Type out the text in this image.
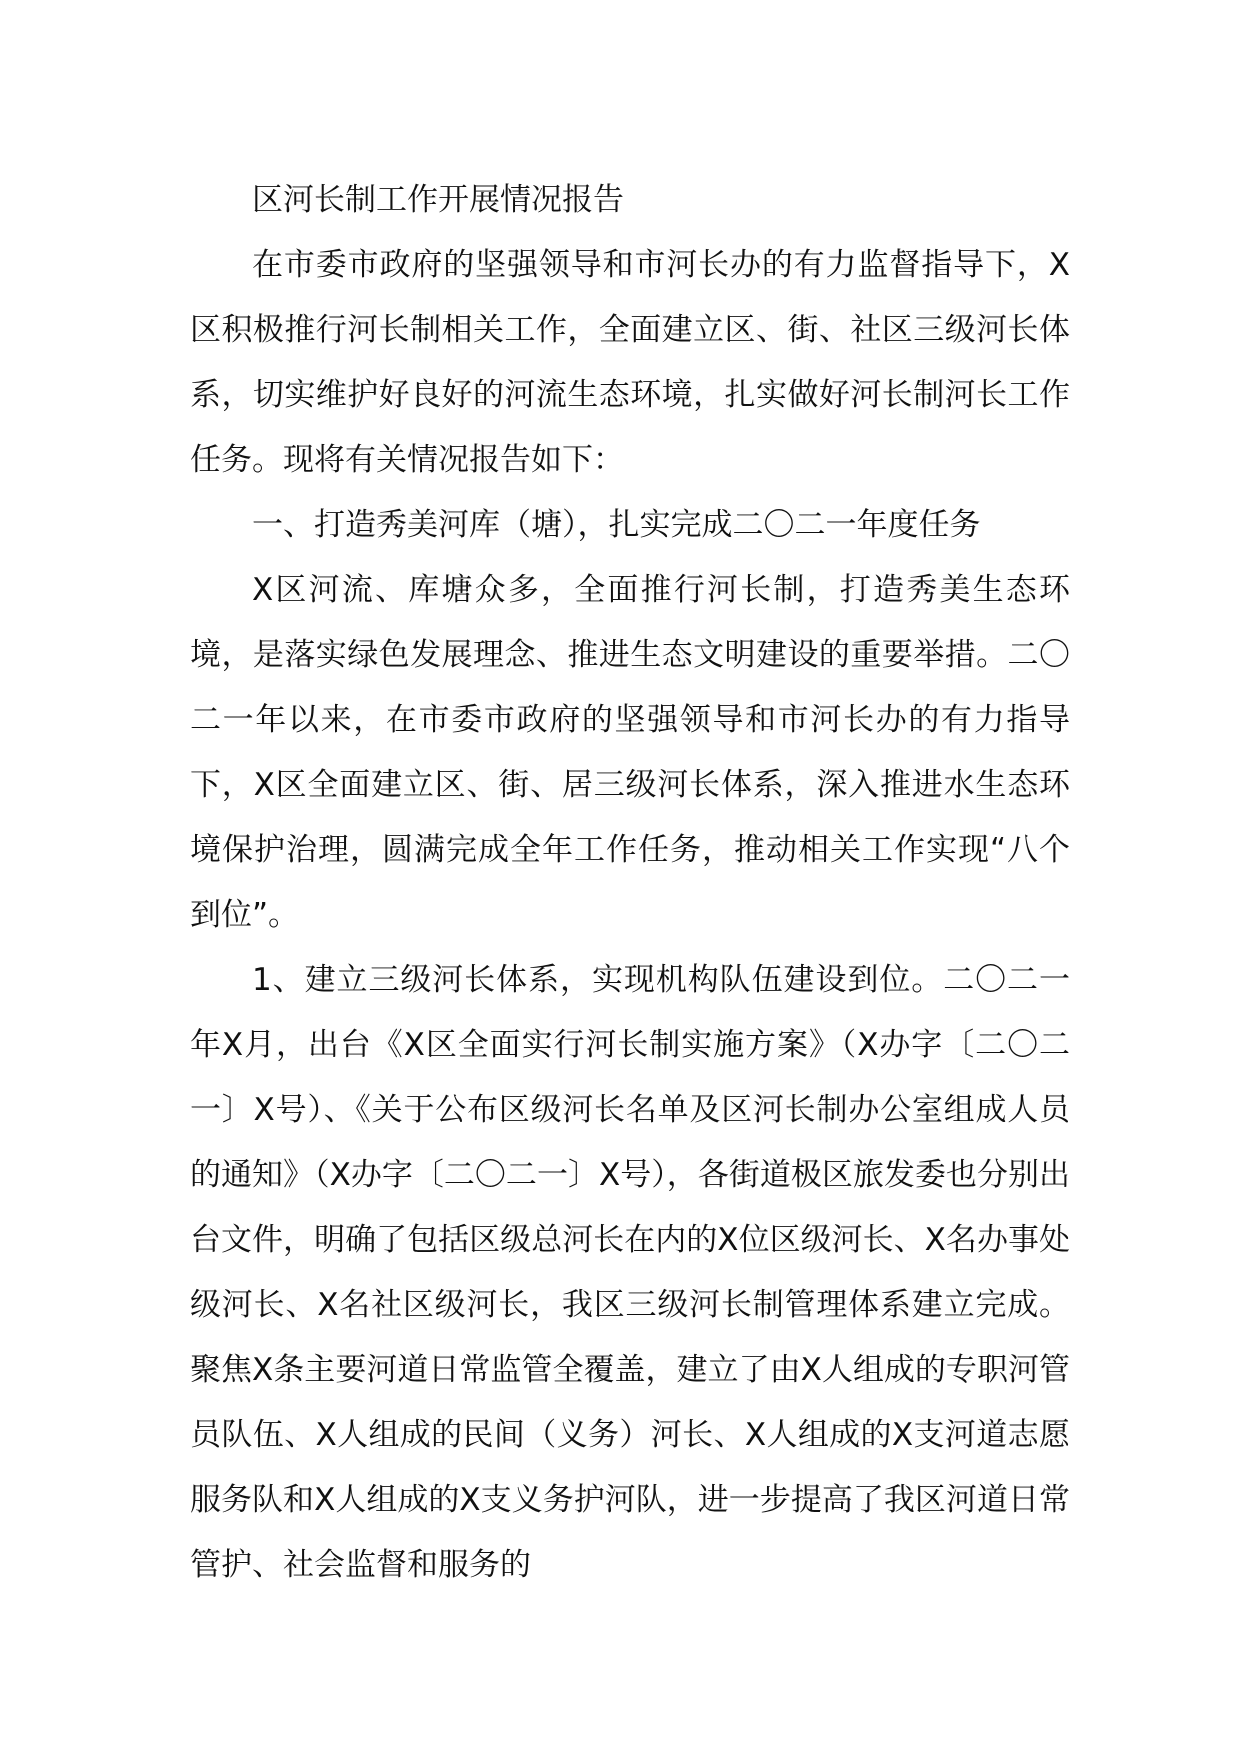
区河长制工作开展情况报告

在市委市政府的坚强领导和市河长办的有力监督指导下，X区积极推行河长制相关工作，全面建立区、街、社区三级河长体系，切实维护好良好的河流生态环境，扎实做好河长制河长工作任务。现将有关情况报告如下：

一、打造秀美河库（塘），扎实完成二〇二一年度任务

X区河流、库塘众多，全面推行河长制，打造秀美生态环境，是落实绿色发展理念、推进生态文明建设的重要举措。二〇二一年以来，在市委市政府的坚强领导和市河长办的有力指导下，X区全面建立区、街、居三级河长体系，深入推进水生态环境保护治理，圆满完成全年工作任务，推动相关工作实现“八个到位”。

1、建立三级河长体系，实现机构队伍建设到位。二〇二一年X月，出台《X区全面实行河长制实施方案》（X办字〔二〇二一〕X号）、《关于公布区级河长名单及区河长制办公室组成人员的通知》（X办字〔二〇二一〕X号），各街道极区旅发委也分别出台文件，明确了包括区级总河长在内的X位区级河长、X名办事处级河长、X名社区级河长，我区三级河长制管理体系建立完成。聚焦X条主要河道日常监管全覆盖，建立了由X人组成的专职河管员队伍、X人组成的民间（义务）河长、X人组成的X支河道志愿服务队和X人组成的X支义务护河队，进一步提高了我区河道日常管护、社会监督和服务的
